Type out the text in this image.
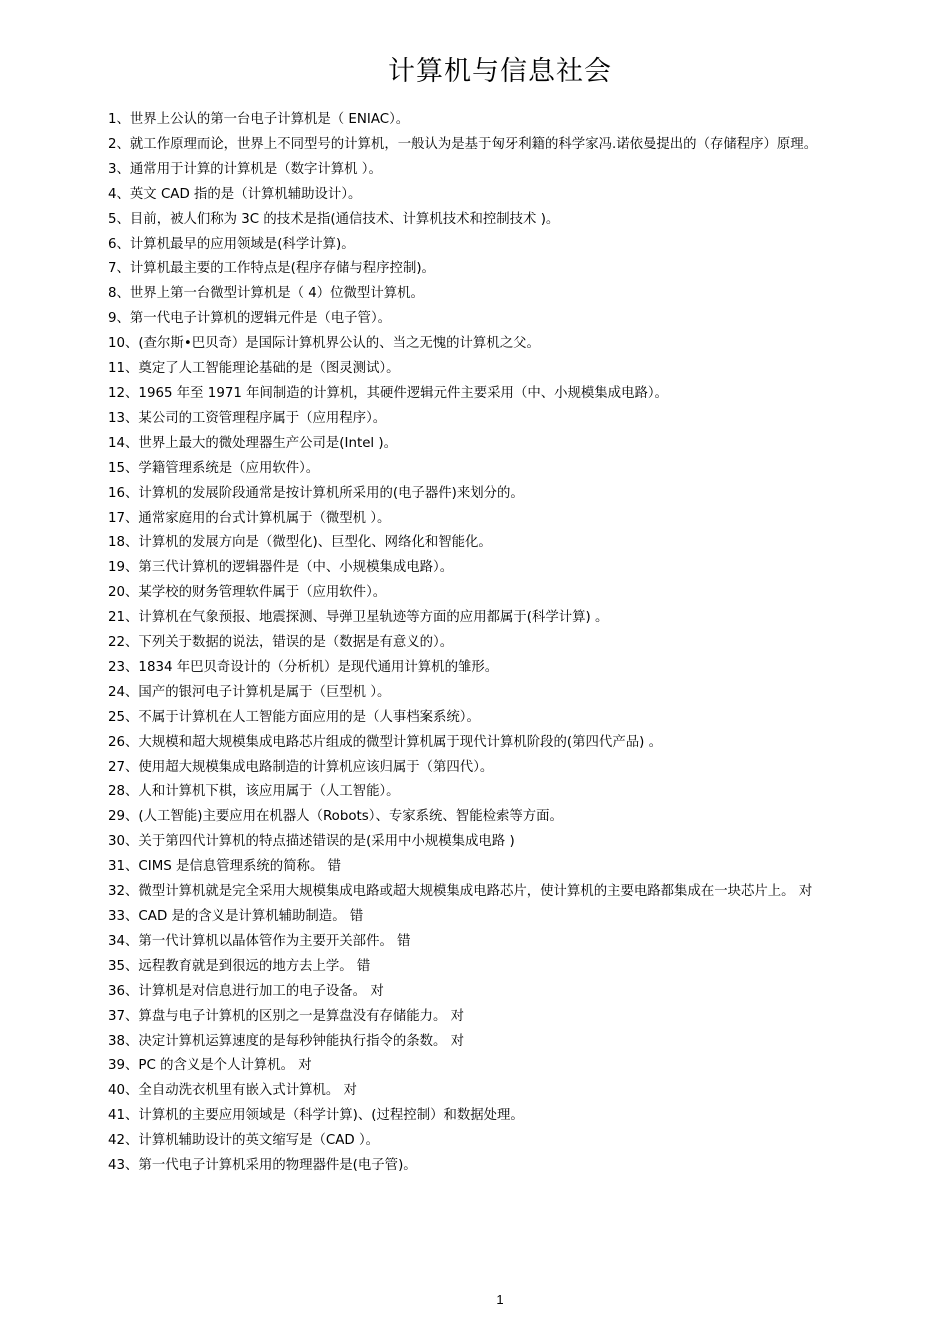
计算机与信息社会

1、世界上公认的第一台电子计算机是（ ENIAC）。

2、就工作原理而论，世界上不同型号的计算机，一般认为是基于匈牙利籍的科学家冯.诺依曼提出的（存储程序）原理。

3、通常用于计算的计算机是（数字计算机 ）。

4、英文 CAD 指的是（计算机辅助设计）。

5、目前，被人们称为 3C 的技术是指(通信技术、计算机技术和控制技术 )。

6、计算机最早的应用领域是(科学计算)。

7、计算机最主要的工作特点是(程序存储与程序控制)。

8、世界上第一台微型计算机是（ 4）位微型计算机。

9、第一代电子计算机的逻辑元件是（电子管）。

10、(查尔斯•巴贝奇）是国际计算机界公认的、当之无愧的计算机之父。

11、奠定了人工智能理论基础的是（图灵测试）。

12、1965 年至 1971 年间制造的计算机，其硬件逻辑元件主要采用（中、小规模集成电路）。

13、某公司的工资管理程序属于（应用程序）。

14、世界上最大的微处理器生产公司是(Intel )。

15、学籍管理系统是（应用软件）。

16、计算机的发展阶段通常是按计算机所采用的(电子器件)来划分的。

17、通常家庭用的台式计算机属于（微型机 ）。

18、计算机的发展方向是（微型化)、巨型化、网络化和智能化。

19、第三代计算机的逻辑器件是（中、小规模集成电路）。

20、某学校的财务管理软件属于（应用软件）。

21、计算机在气象预报、地震探测、导弹卫星轨迹等方面的应用都属于(科学计算) 。

22、下列关于数据的说法，错误的是（数据是有意义的）。

23、1834 年巴贝奇设计的（分析机）是现代通用计算机的雏形。

24、国产的银河电子计算机是属于（巨型机 ）。

25、不属于计算机在人工智能方面应用的是（人事档案系统）。

26、大规模和超大规模集成电路芯片组成的微型计算机属于现代计算机阶段的(第四代产品) 。

27、使用超大规模集成电路制造的计算机应该归属于（第四代）。

28、人和计算机下棋，该应用属于（人工智能）。

29、(人工智能)主要应用在机器人（Robots）、专家系统、智能检索等方面。

30、关于第四代计算机的特点描述错误的是(采用中小规模集成电路 )

31、CIMS 是信息管理系统的简称。 错

32、微型计算机就是完全采用大规模集成电路或超大规模集成电路芯片，使计算机的主要电路都集成在一块芯片上。 对

33、CAD 是的含义是计算机辅助制造。 错

34、第一代计算机以晶体管作为主要开关部件。 错

35、远程教育就是到很远的地方去上学。 错

36、计算机是对信息进行加工的电子设备。 对

37、算盘与电子计算机的区别之一是算盘没有存储能力。 对

38、决定计算机运算速度的是每秒钟能执行指令的条数。 对

39、PC 的含义是个人计算机。 对

40、全自动洗衣机里有嵌入式计算机。 对

41、计算机的主要应用领域是（科学计算)、(过程控制）和数据处理。

42、计算机辅助设计的英文缩写是（CAD ）。

43、第一代电子计算机采用的物理器件是(电子管)。

1
